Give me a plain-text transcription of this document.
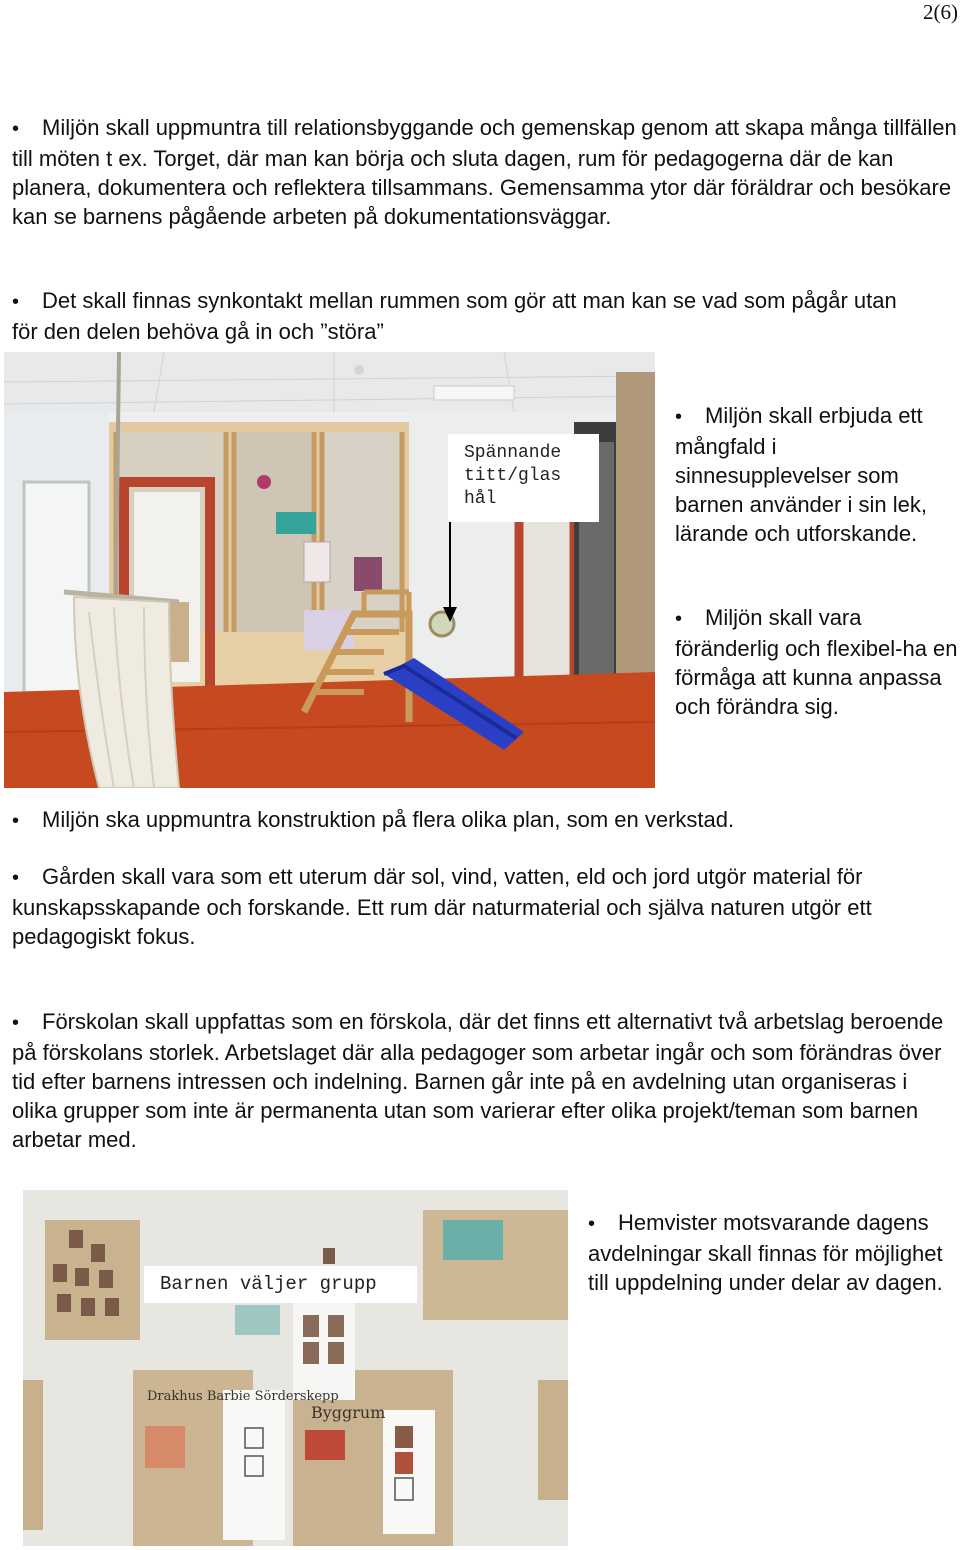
2(6)

• Miljön skall uppmuntra till relationsbyggande och gemenskap genom att skapa många tillfällen till möten t ex. Torget, där man kan börja och sluta dagen, rum för pedagogerna där de kan planera, dokumentera och reflektera tillsammans. Gemensamma ytor där föräldrar och besökare kan se barnens pågående arbeten på dokumentationsväggar.

• Det skall finnas synkontakt mellan rummen som gör att man kan se vad som pågår utan för den delen behöva gå in och ”störa”

Spännande titt/glas hål

• Miljön skall erbjuda ett mångfald i sinnesupplevelser som barnen använder i sin lek, lärande och utforskande.

• Miljön skall vara föränderlig och flexibel-ha en förmåga att kunna anpassa och förändra sig.

• Miljön ska uppmuntra konstruktion på flera olika plan, som en verkstad.

• Gården skall vara som ett uterum där sol, vind, vatten, eld och jord utgör material för kunskapsskapande och forskande. Ett rum där naturmaterial och själva naturen utgör ett pedagogiskt fokus.

• Förskolan skall uppfattas som en förskola, där det finns ett alternativt två arbetslag beroende på förskolans storlek. Arbetslaget där alla pedagoger som arbetar ingår och som förändras över tid efter barnens intressen och indelning. Barnen går inte på en avdelning utan organiseras i olika grupper som inte är permanenta utan som varierar efter olika projekt/teman som barnen arbetar med.

Drakhus Barbie Sörderskepp
Byggrum
Barnen väljer grupp

• Hemvister motsvarande dagens avdelningar skall finnas för möjlighet till uppdelning under delar av dagen.
